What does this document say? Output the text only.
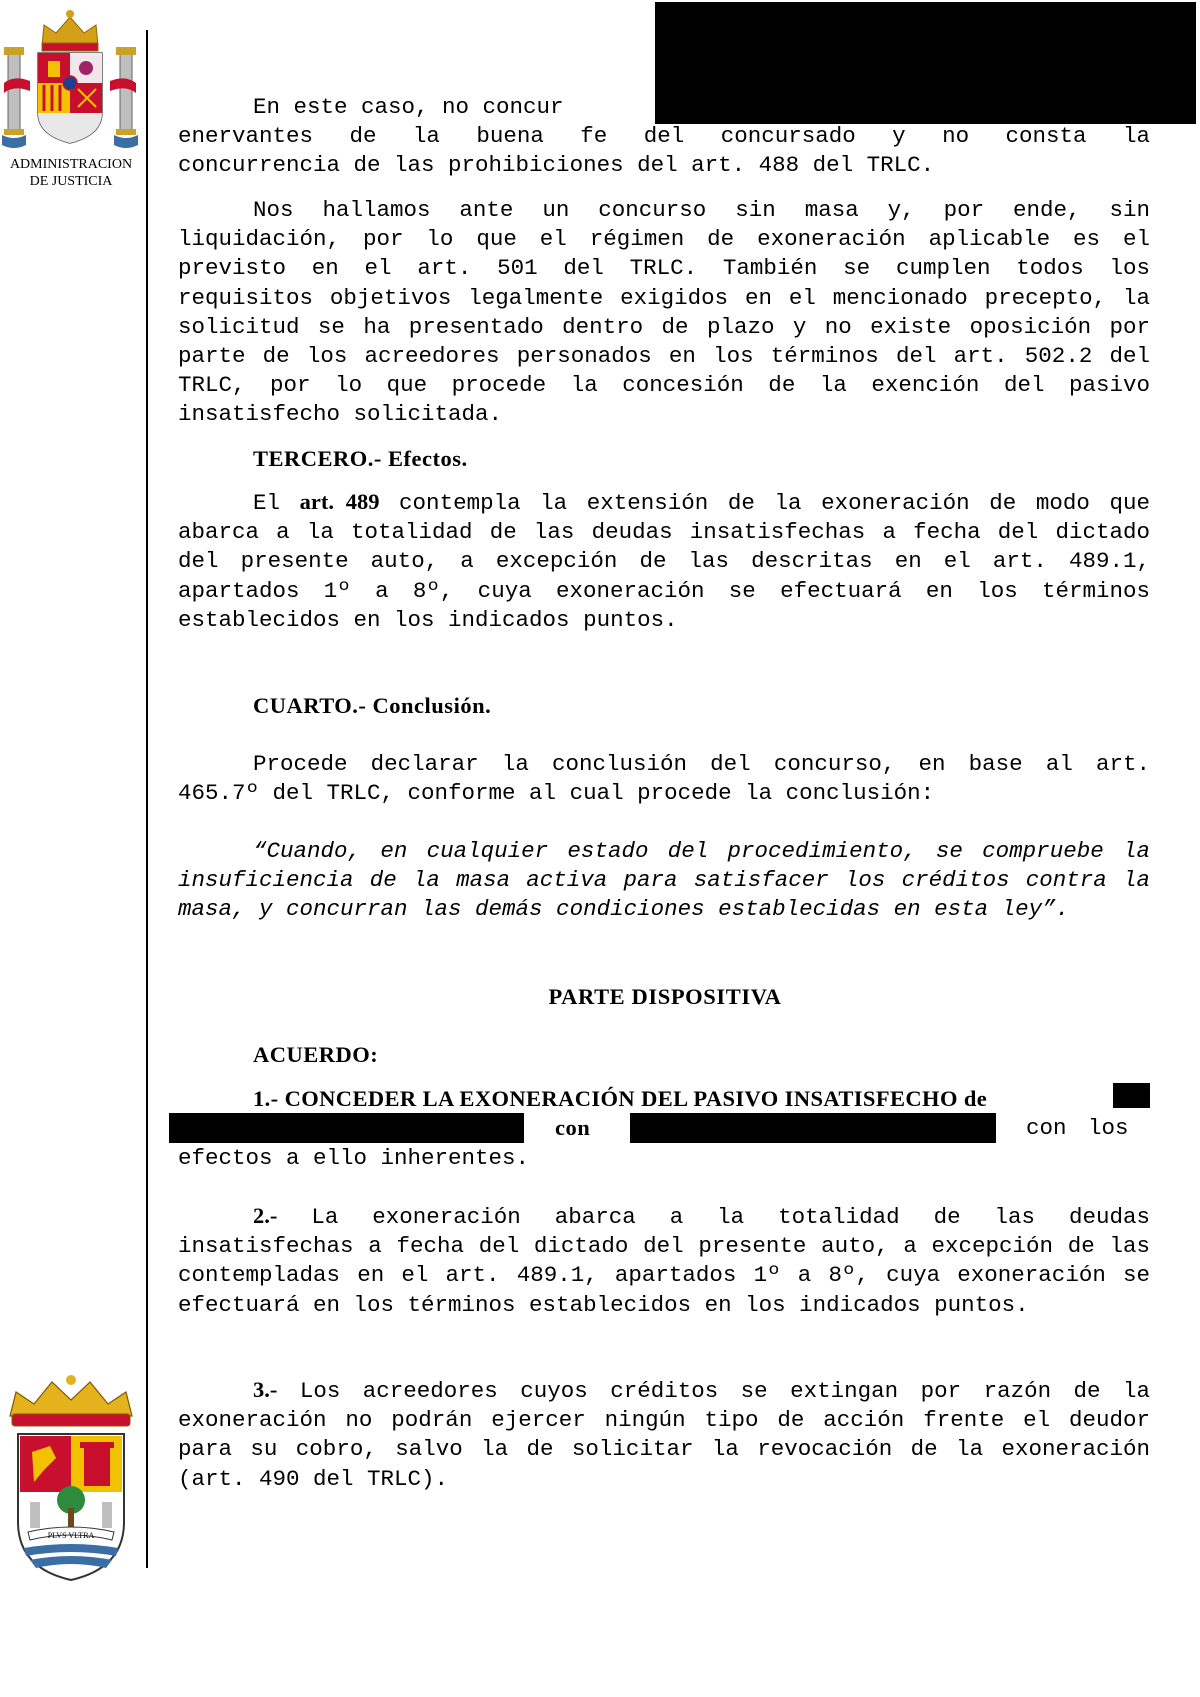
ADMINISTRACION
DE JUSTICIA
PLVS VLTRA

En este caso, no concur

enervantes de la buena fe del concursado y no consta la

concurrencia de las prohibiciones del art. 488 del TRLC.

Nos hallamos ante un concurso sin masa y, por ende, sin liquidación, por lo que el régimen de exoneración aplicable es el previsto en el art. 501 del TRLC. También se cumplen todos los requisitos objetivos legalmente exigidos en el mencionado precepto, la solicitud se ha presentado dentro de plazo y no existe oposición por parte de los acreedores personados en los términos del art. 502.2 del TRLC, por lo que procede la concesión de la exención del pasivo insatisfecho solicitada.

TERCERO.- Efectos.

El art. 489 contempla la extensión de la exoneración de modo que abarca a la totalidad de las deudas insatisfechas a fecha del dictado del presente auto, a excepción de las descritas en el art. 489.1, apartados 1º a 8º, cuya exoneración se efectuará en los términos establecidos en los indicados puntos.

CUARTO.- Conclusión.

Procede declarar la conclusión del concurso, en base al art. 465.7º del TRLC, conforme al cual procede la conclusión:

“Cuando, en cualquier estado del procedimiento, se compruebe la insuficiencia de la masa activa para satisfacer los créditos contra la masa, y concurran las demás condiciones establecidas en esta ley”.

PARTE DISPOSITIVA
ACUERDO:
1.- CONCEDER LA EXONERACIÓN DEL PASIVO INSATISFECHO de
con	con los
efectos a ello inherentes.

2.- La exoneración abarca a la totalidad de las deudas insatisfechas a fecha del dictado del presente auto, a excepción de las contempladas en el art. 489.1, apartados 1º a 8º, cuya exoneración se efectuará en los términos establecidos en los indicados puntos.

3.- Los acreedores cuyos créditos se extingan por razón de la exoneración no podrán ejercer ningún tipo de acción frente el deudor para su cobro, salvo la de solicitar la revocación de la exoneración (art. 490 del TRLC).
